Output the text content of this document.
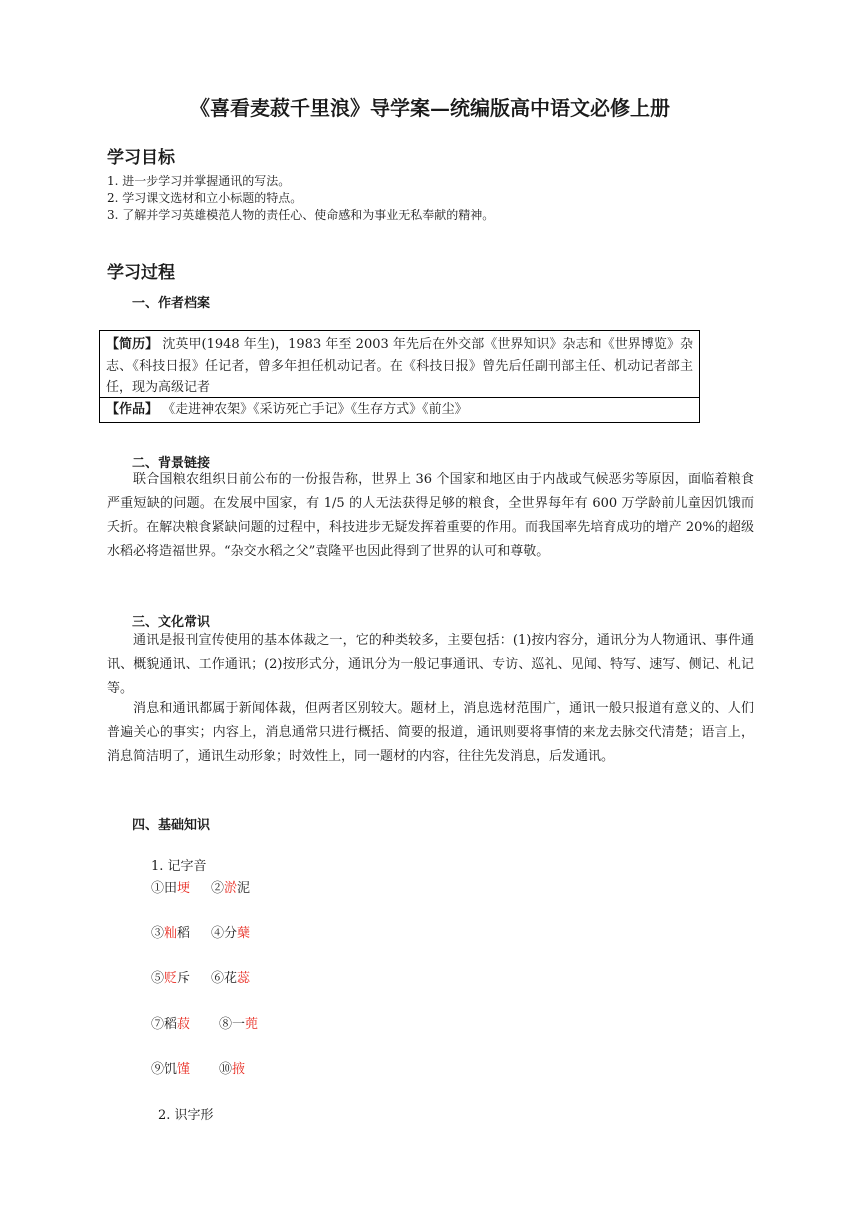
《喜看麦菽千里浪》导学案—统编版高中语文必修上册
学习目标
1. 进一步学习并掌握通讯的写法。
2. 学习课文选材和立小标题的特点。
3. 了解并学习英雄模范人物的责任心、使命感和为事业无私奉献的精神。
学习过程
一、作者档案
【简历】 沈英甲(1948 年生)，1983 年至 2003 年先后在外交部《世界知识》杂志和《世界博览》杂志、《科技日报》任记者，曾多年担任机动记者。在《科技日报》曾先后任副刊部主任、机动记者部主任，现为高级记者
【作品】 《走进神农架》《采访死亡手记》《生存方式》《前尘》
二、背景链接
联合国粮农组织日前公布的一份报告称，世界上 36 个国家和地区由于内战或气候恶劣等原因，面临着粮食严重短缺的问题。在发展中国家，有 1/5 的人无法获得足够的粮食，全世界每年有 600 万学龄前儿童因饥饿而夭折。在解决粮食紧缺问题的过程中，科技进步无疑发挥着重要的作用。而我国率先培育成功的增产 20%的超级水稻必将造福世界。“杂交水稻之父”袁隆平也因此得到了世界的认可和尊敬。
三、文化常识
通讯是报刊宣传使用的基本体裁之一，它的种类较多，主要包括：(1)按内容分，通讯分为人物通讯、事件通讯、概貌通讯、工作通讯；(2)按形式分，通讯分为一般记事通讯、专访、巡礼、见闻、特写、速写、侧记、札记等。
消息和通讯都属于新闻体裁，但两者区别较大。题材上，消息选材范围广，通讯一般只报道有意义的、人们普遍关心的事实；内容上，消息通常只进行概括、简要的报道，通讯则要将事情的来龙去脉交代清楚；语言上，消息简洁明了，通讯生动形象；时效性上，同一题材的内容，往往先发消息，后发通讯。
四、基础知识
1. 记字音
①田埂 ②淤泥
③籼稻 ④分蘖
⑤贬斥 ⑥花蕊
⑦稻菽 ⑧一蔸
⑨饥馑 ⑩掖
2. 识字形
